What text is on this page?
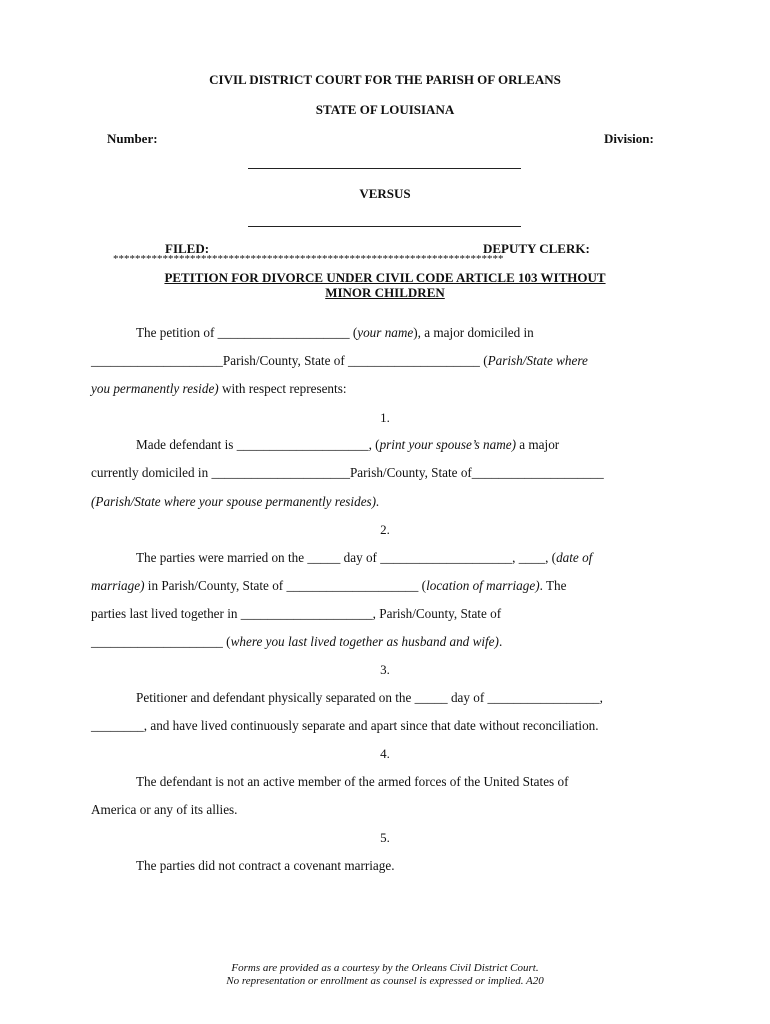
CIVIL DISTRICT COURT FOR THE PARISH OF ORLEANS
STATE OF LOUISIANA
Number:	Division:
VERSUS
FILED:	DEPUTY CLERK:
***********************************************************************
PETITION FOR DIVORCE UNDER CIVIL CODE ARTICLE 103 WITHOUT
MINOR CHILDREN
The petition of ____________________ (your name), a major domiciled in
____________________Parish/County, State of ____________________ (Parish/State where
you permanently reside) with respect represents:
1.
Made defendant is ____________________, (print your spouse’s name) a major
currently domiciled in _____________________Parish/County, State of____________________
(Parish/State where your spouse permanently resides).
2.
The parties were married on the _____ day of ____________________, ____, (date of
marriage) in Parish/County, State of ____________________ (location of marriage). The
parties last lived together in ____________________, Parish/County, State of
____________________ (where you last lived together as husband and wife).
3.
Petitioner and defendant physically separated on the _____ day of _________________,
________, and have lived continuously separate and apart since that date without reconciliation.
4.
The defendant is not an active member of the armed forces of the United States of
America or any of its allies.
5.
The parties did not contract a covenant marriage.
Forms are provided as a courtesy by the Orleans Civil District Court.
No representation or enrollment as counsel is expressed or implied. A20
